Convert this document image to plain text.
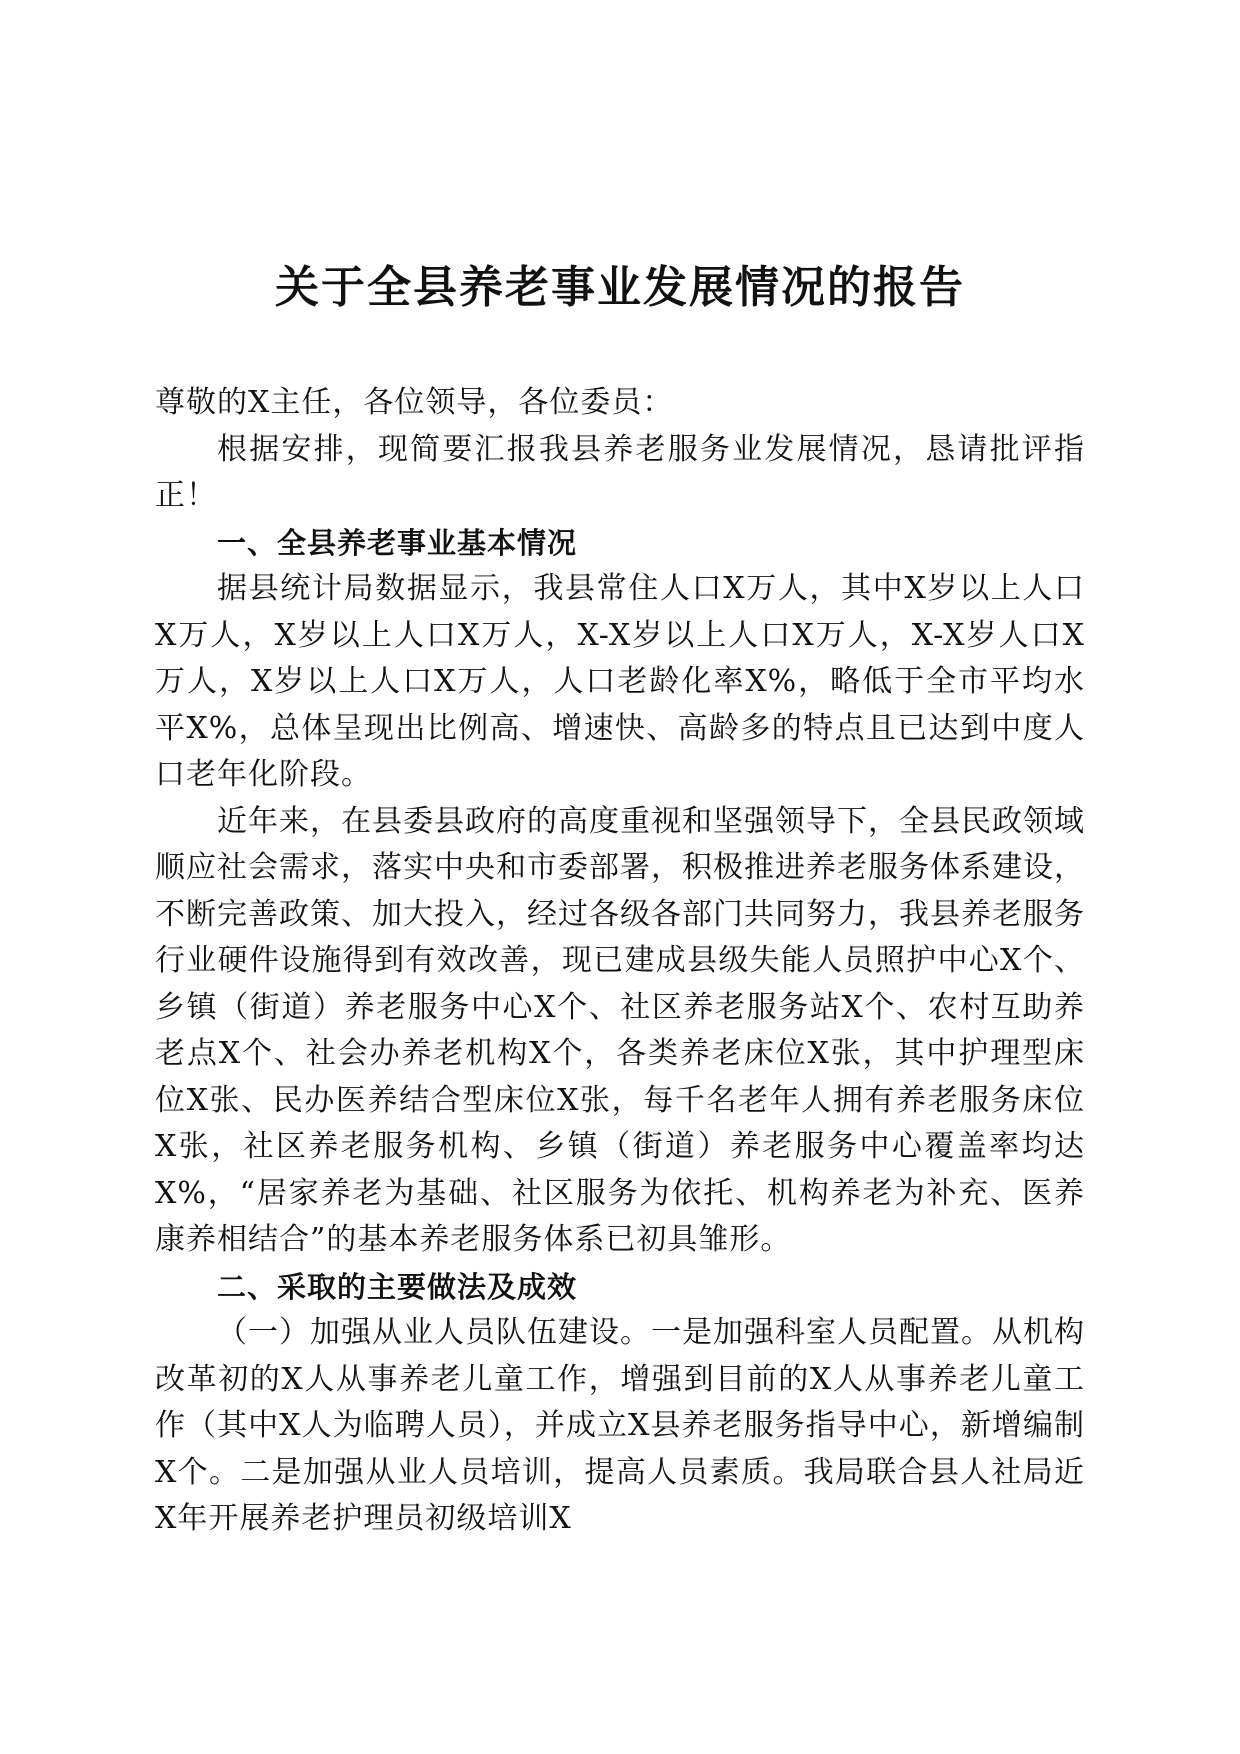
关于全县养老事业发展情况的报告

尊敬的X主任，各位领导，各位委员：

根据安排，现简要汇报我县养老服务业发展情况，恳请批评指正！

一、全县养老事业基本情况

据县统计局数据显示，我县常住人口X万人，其中X岁以上人口X万人，X岁以上人口X万人，X-X岁以上人口X万人，X-X岁人口X万人，X岁以上人口X万人，人口老龄化率X%，略低于全市平均水平X%，总体呈现出比例高、增速快、高龄多的特点且已达到中度人口老年化阶段。

近年来，在县委县政府的高度重视和坚强领导下，全县民政领域顺应社会需求，落实中央和市委部署，积极推进养老服务体系建设，不断完善政策、加大投入，经过各级各部门共同努力，我县养老服务行业硬件设施得到有效改善，现已建成县级失能人员照护中心X个、乡镇（街道）养老服务中心X个、社区养老服务站X个、农村互助养老点X个、社会办养老机构X个，各类养老床位X张，其中护理型床位X张、民办医养结合型床位X张，每千名老年人拥有养老服务床位X张，社区养老服务机构、乡镇（街道）养老服务中心覆盖率均达X%，“居家养老为基础、社区服务为依托、机构养老为补充、医养康养相结合”的基本养老服务体系已初具雏形。

二、采取的主要做法及成效

（一）加强从业人员队伍建设。一是加强科室人员配置。从机构改革初的X人从事养老儿童工作，增强到目前的X人从事养老儿童工作（其中X人为临聘人员），并成立X县养老服务指导中心，新增编制X个。二是加强从业人员培训，提高人员素质。我局联合县人社局近X年开展养老护理员初级培训X
